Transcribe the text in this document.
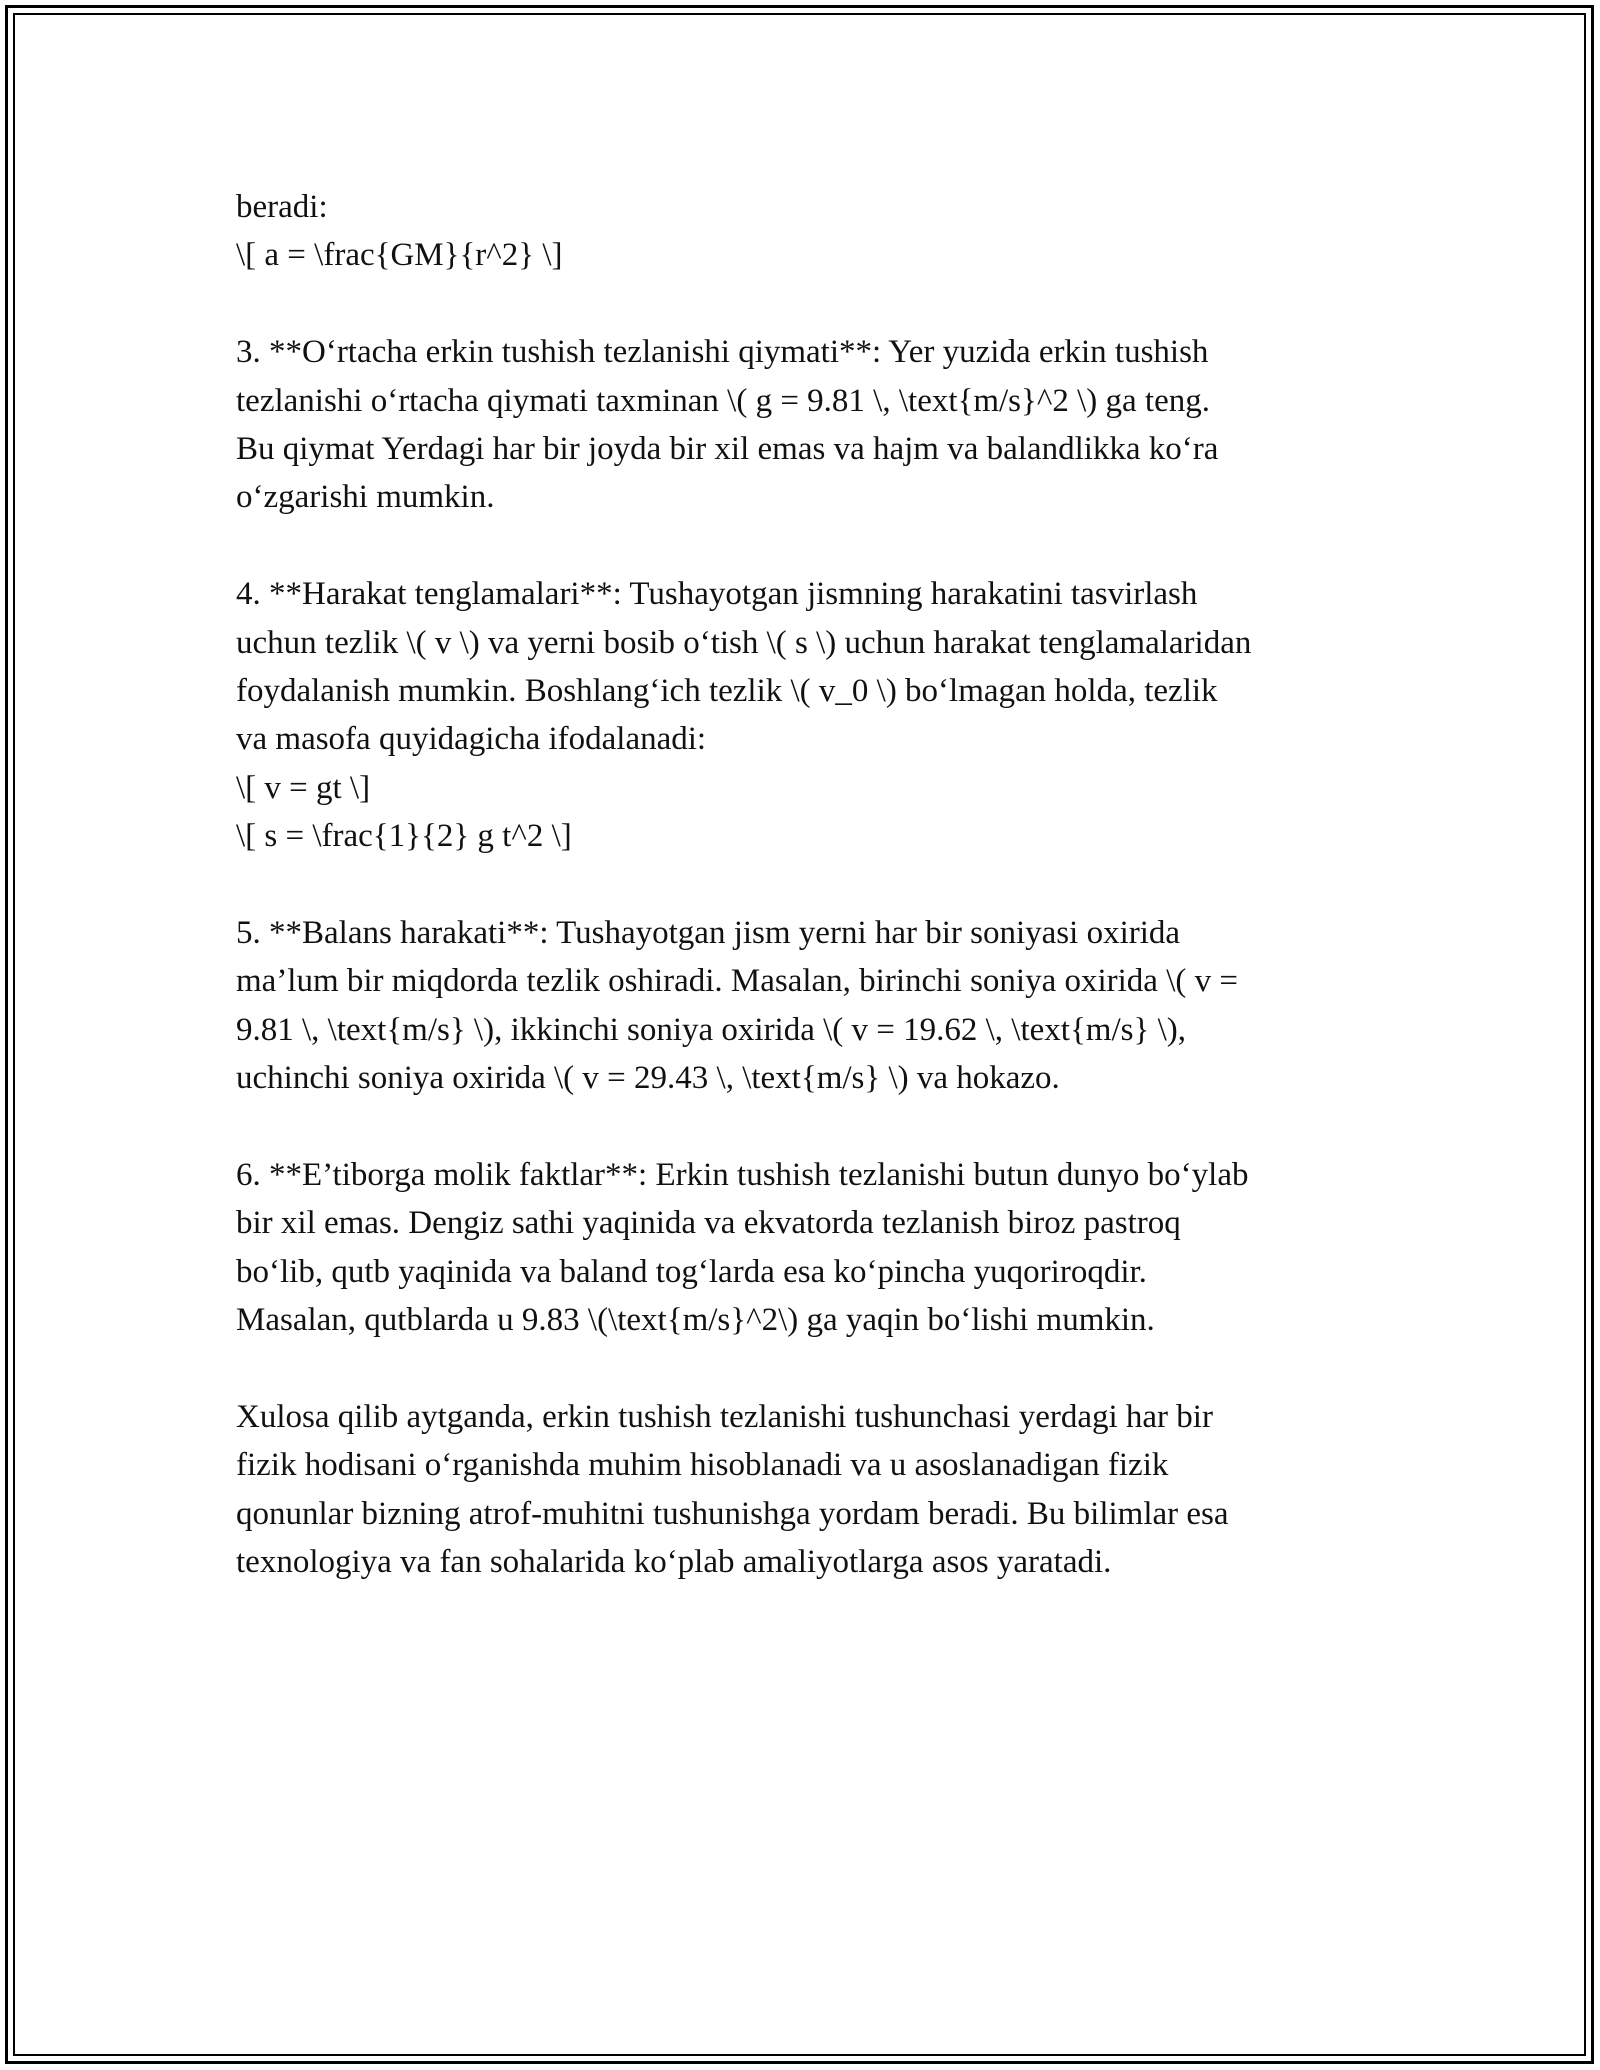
beradi:
\[ a = \frac{GM}{r^2} \]
3. **O‘rtacha erkin tushish tezlanishi qiymati**: Yer yuzida erkin tushish
tezlanishi o‘rtacha qiymati taxminan \( g = 9.81 \, \text{m/s}^2 \) ga teng.
Bu qiymat Yerdagi har bir joyda bir xil emas va hajm va balandlikka ko‘ra
o‘zgarishi mumkin.
4. **Harakat tenglamalari**: Tushayotgan jismning harakatini tasvirlash
uchun tezlik \( v \) va yerni bosib o‘tish \( s \) uchun harakat tenglamalaridan
foydalanish mumkin. Boshlang‘ich tezlik \( v_0 \) bo‘lmagan holda, tezlik
va masofa quyidagicha ifodalanadi:
\[ v = gt \]
\[ s = \frac{1}{2} g t^2 \]
5. **Balans harakati**: Tushayotgan jism yerni har bir soniyasi oxirida
ma’lum bir miqdorda tezlik oshiradi. Masalan, birinchi soniya oxirida \( v =
9.81 \, \text{m/s} \), ikkinchi soniya oxirida \( v = 19.62 \, \text{m/s} \),
uchinchi soniya oxirida \( v = 29.43 \, \text{m/s} \) va hokazo.
6. **E’tiborga molik faktlar**: Erkin tushish tezlanishi butun dunyo bo‘ylab
bir xil emas. Dengiz sathi yaqinida va ekvatorda tezlanish biroz pastroq
bo‘lib, qutb yaqinida va baland tog‘larda esa ko‘pincha yuqoriroqdir.
Masalan, qutblarda u 9.83 \(\text{m/s}^2\) ga yaqin bo‘lishi mumkin.
Xulosa qilib aytganda, erkin tushish tezlanishi tushunchasi yerdagi har bir
fizik hodisani o‘rganishda muhim hisoblanadi va u asoslanadigan fizik
qonunlar bizning atrof-muhitni tushunishga yordam beradi. Bu bilimlar esa
texnologiya va fan sohalarida ko‘plab amaliyotlarga asos yaratadi.
